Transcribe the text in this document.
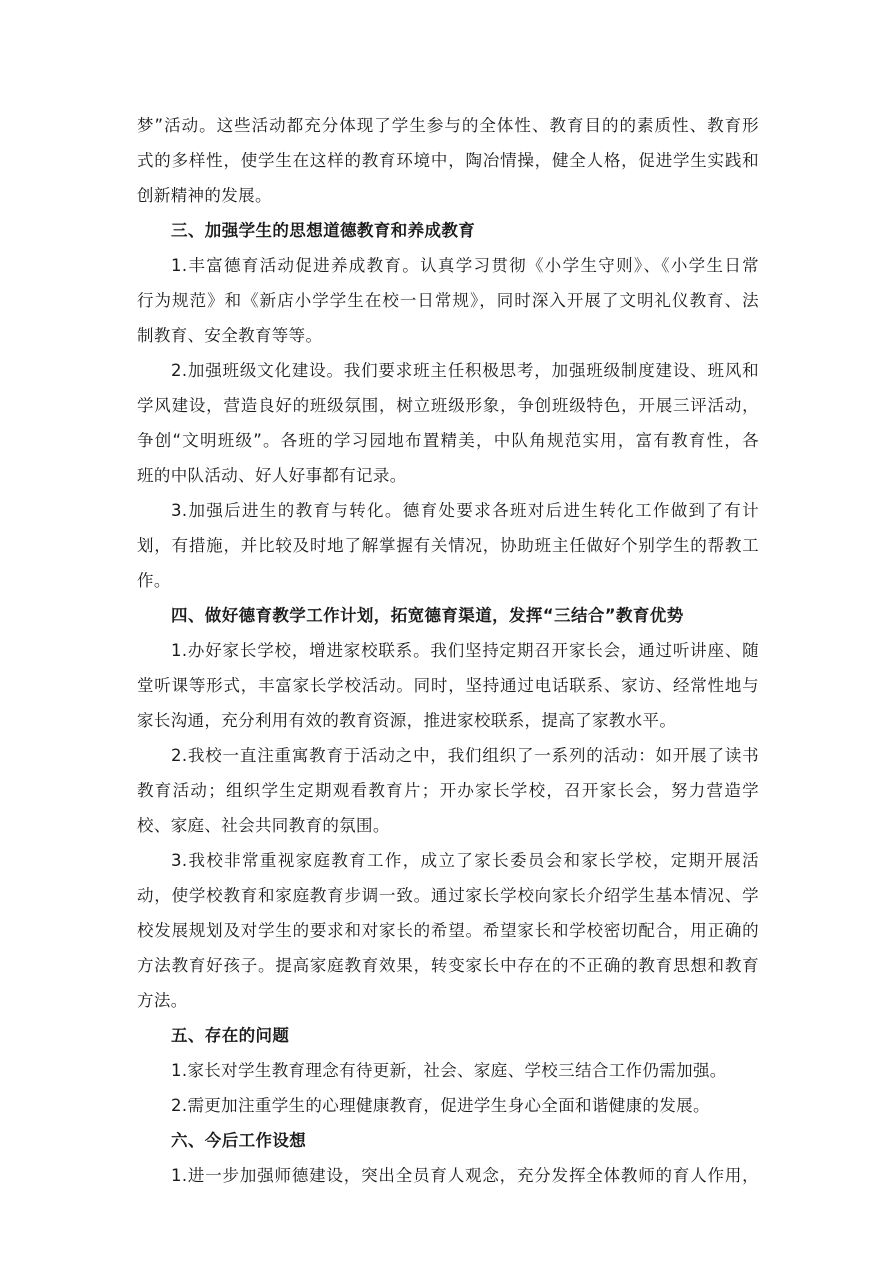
梦”活动。这些活动都充分体现了学生参与的全体性、教育目的的素质性、教育形
式的多样性，使学生在这样的教育环境中，陶冶情操，健全人格，促进学生实践和
创新精神的发展。
三、加强学生的思想道德教育和养成教育
1.丰富德育活动促进养成教育。认真学习贯彻《小学生守则》、《小学生日常
行为规范》和《新店小学学生在校一日常规》，同时深入开展了文明礼仪教育、法
制教育、安全教育等等。
2.加强班级文化建设。我们要求班主任积极思考，加强班级制度建设、班风和
学风建设，营造良好的班级氛围，树立班级形象，争创班级特色，开展三评活动，
争创“文明班级”。各班的学习园地布置精美，中队角规范实用，富有教育性，各
班的中队活动、好人好事都有记录。
3.加强后进生的教育与转化。德育处要求各班对后进生转化工作做到了有计
划，有措施，并比较及时地了解掌握有关情况，协助班主任做好个别学生的帮教工
作。
四、做好德育教学工作计划，拓宽德育渠道，发挥“三结合”教育优势
1.办好家长学校，增进家校联系。我们坚持定期召开家长会，通过听讲座、随
堂听课等形式，丰富家长学校活动。同时，坚持通过电话联系、家访、经常性地与
家长沟通，充分利用有效的教育资源，推进家校联系，提高了家教水平。
2.我校一直注重寓教育于活动之中，我们组织了一系列的活动：如开展了读书
教育活动；组织学生定期观看教育片；开办家长学校，召开家长会，努力营造学
校、家庭、社会共同教育的氛围。
3.我校非常重视家庭教育工作，成立了家长委员会和家长学校，定期开展活
动，使学校教育和家庭教育步调一致。通过家长学校向家长介绍学生基本情况、学
校发展规划及对学生的要求和对家长的希望。希望家长和学校密切配合，用正确的
方法教育好孩子。提高家庭教育效果，转变家长中存在的不正确的教育思想和教育
方法。
五、存在的问题
1.家长对学生教育理念有待更新，社会、家庭、学校三结合工作仍需加强。
2.需更加注重学生的心理健康教育，促进学生身心全面和谐健康的发展。
六、今后工作设想
1.进一步加强师德建设，突出全员育人观念，充分发挥全体教师的育人作用，
